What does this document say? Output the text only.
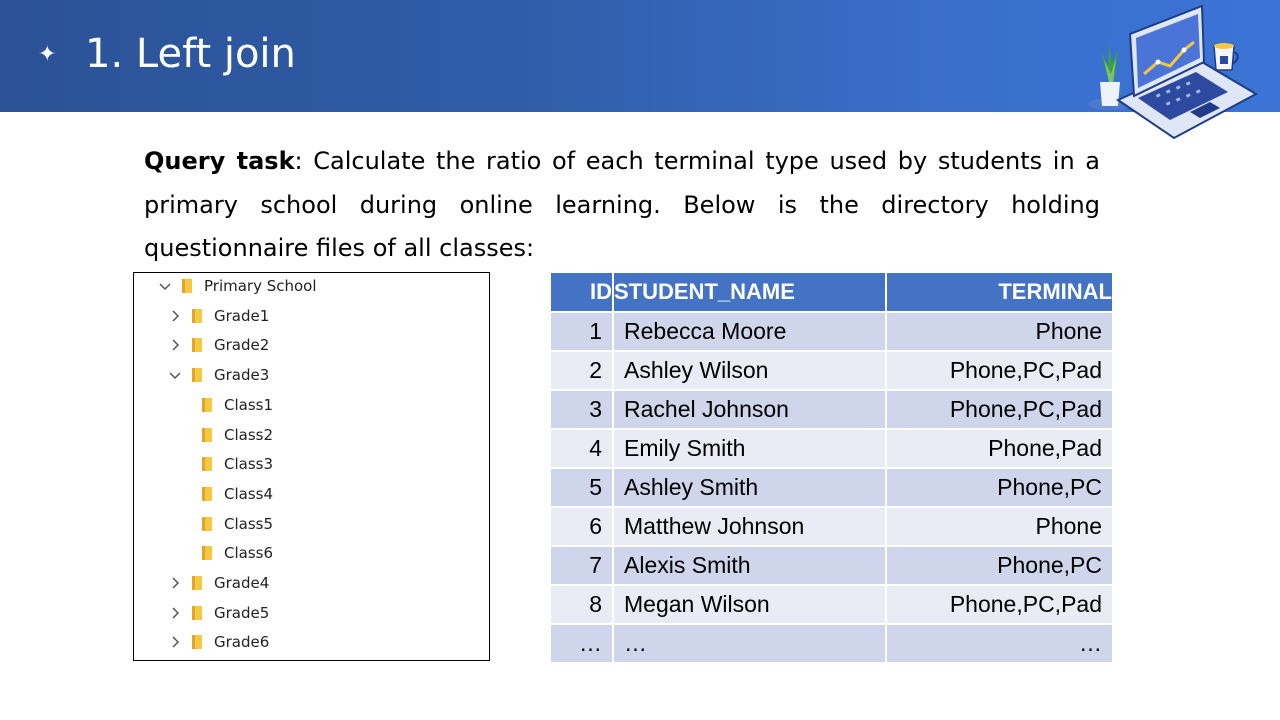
✦ 1. Left join
Query task: Calculate the ratio of each terminal type used by students in a primary school during online learning. Below is the directory holding questionnaire files of all classes:
Primary School
Grade1
Grade2
Grade3
Class1
Class2
Class3
Class4
Class5
Class6
Grade4
Grade5
Grade6
ID	STUDENT_NAME	TERMINAL
1	Rebecca Moore	Phone
2	Ashley Wilson	Phone,PC,Pad
3	Rachel Johnson	Phone,PC,Pad
4	Emily Smith	Phone,Pad
5	Ashley Smith	Phone,PC
6	Matthew Johnson	Phone
7	Alexis Smith	Phone,PC
8	Megan Wilson	Phone,PC,Pad
…	…	…
